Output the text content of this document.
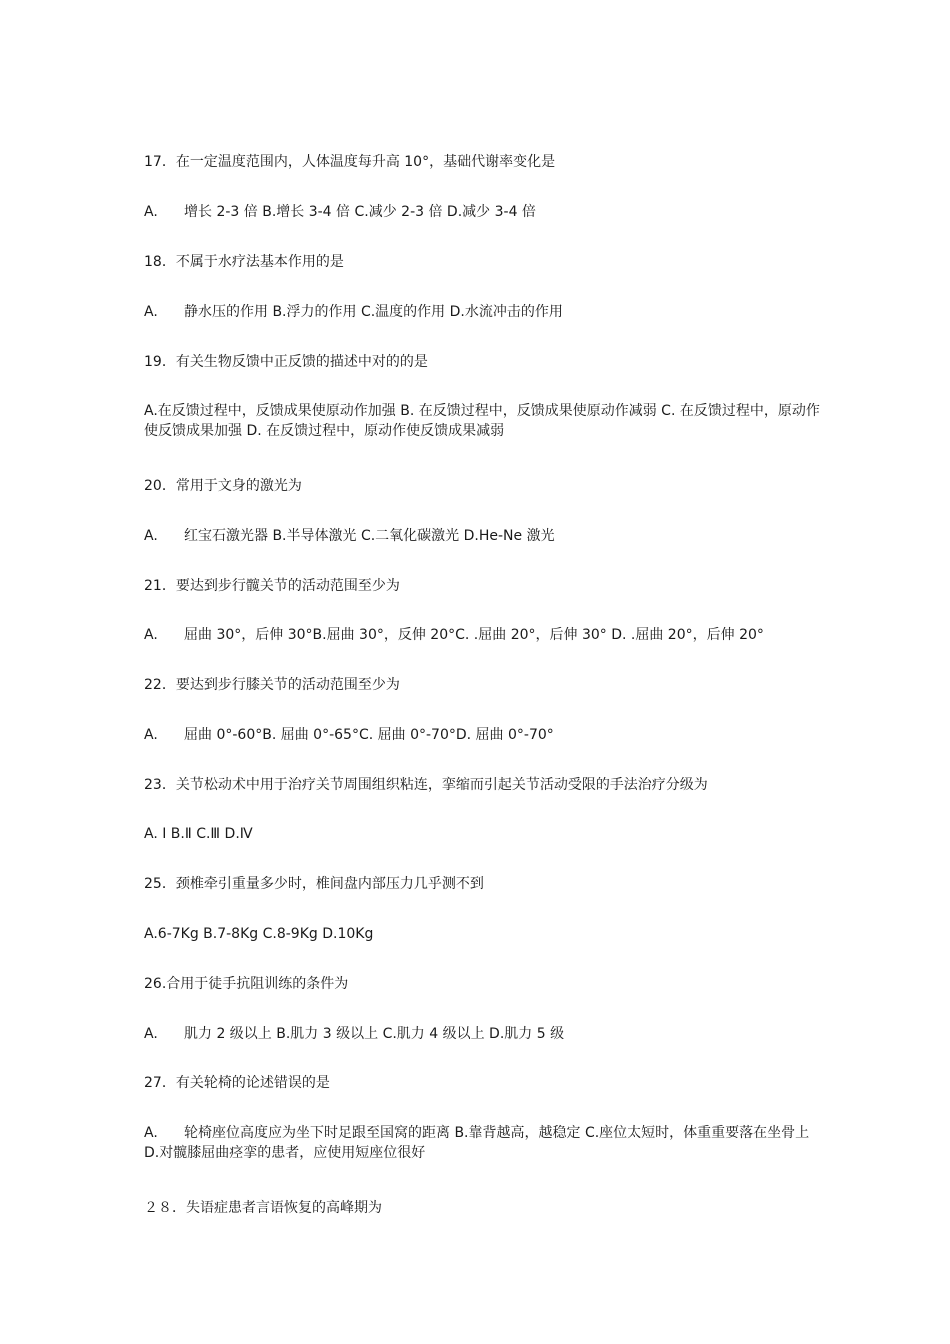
17．在一定温度范围内，人体温度每升高 10°，基础代谢率变化是
A. 增长 2-3 倍 B.增长 3-4 倍 C.减少 2-3 倍 D.减少 3-4 倍
18．不属于水疗法基本作用的是
A. 静水压的作用 B.浮力的作用 C.温度的作用 D.水流冲击的作用
19．有关生物反馈中正反馈的描述中对的的是
A.在反馈过程中，反馈成果使原动作加强 B. 在反馈过程中，反馈成果使原动作减弱 C. 在反馈过程中，原动作使反馈成果加强 D. 在反馈过程中，原动作使反馈成果减弱
20．常用于文身的激光为
A. 红宝石激光器 B.半导体激光 C.二氧化碳激光 D.He-Ne 激光
21．要达到步行髋关节的活动范围至少为
A. 屈曲 30°，后伸 30°B.屈曲 30°，反伸 20°C. .屈曲 20°，后伸 30° D. .屈曲 20°，后伸 20°
22．要达到步行膝关节的活动范围至少为
A. 屈曲 0°-60°B. 屈曲 0°-65°C. 屈曲 0°-70°D. 屈曲 0°-70°
23．关节松动术中用于治疗关节周围组织粘连，挛缩而引起关节活动受限的手法治疗分级为
A. Ⅰ B.Ⅱ C.Ⅲ D.Ⅳ
25．颈椎牵引重量多少时，椎间盘内部压力几乎测不到
A.6-7Kg B.7-8Kg C.8-9Kg D.10Kg
26.合用于徒手抗阻训练的条件为
A. 肌力 2 级以上 B.肌力 3 级以上 C.肌力 4 级以上 D.肌力 5 级
27．有关轮椅的论述错误的是
A. 轮椅座位高度应为坐下时足跟至国窝的距离 B.靠背越高，越稳定 C.座位太短时，体重重要落在坐骨上 D.对髋膝屈曲痉挛的患者，应使用短座位很好
２８．失语症患者言语恢复的高峰期为
